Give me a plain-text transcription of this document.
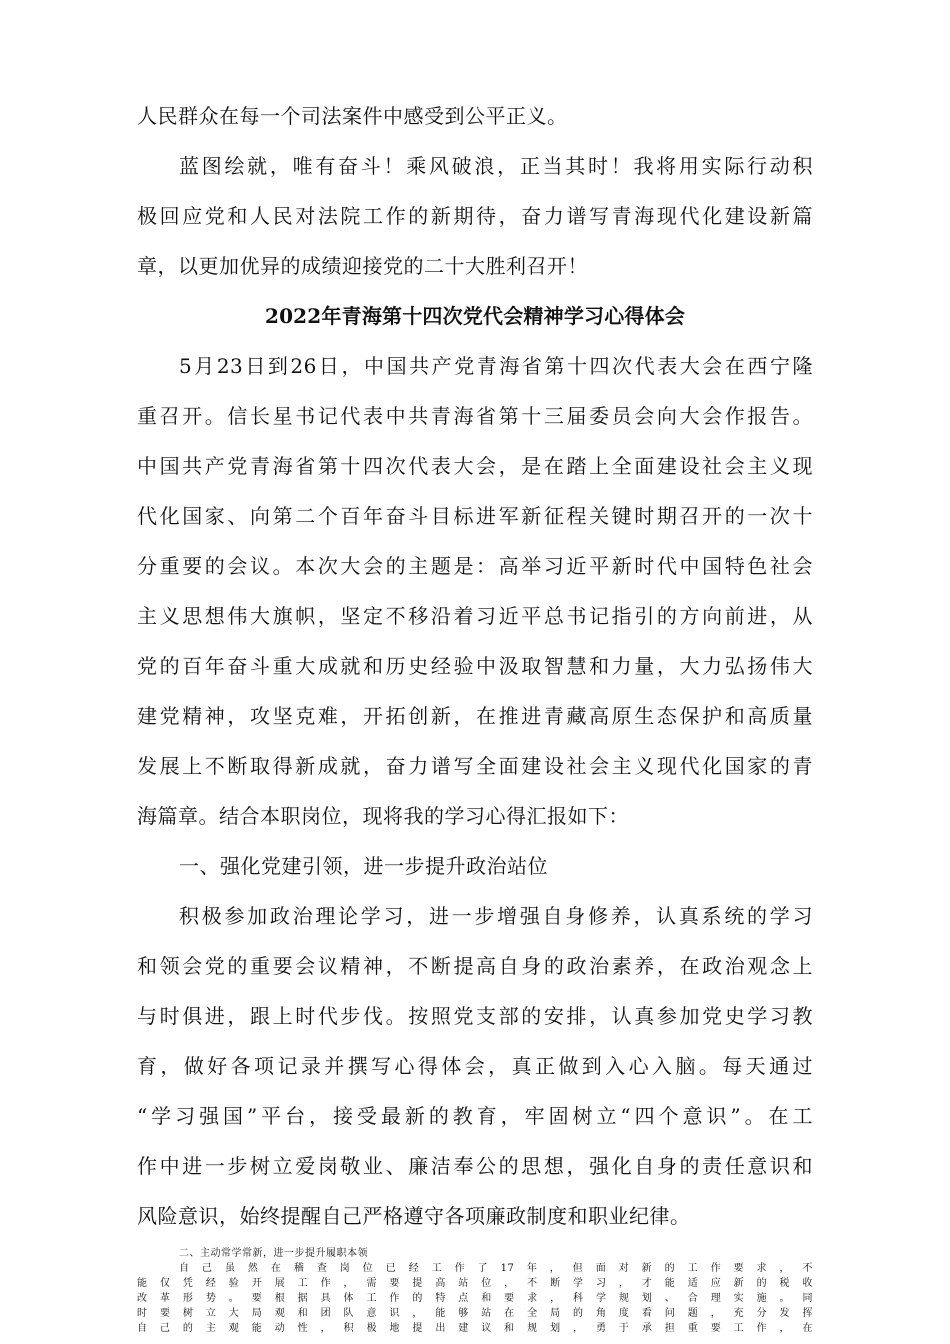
人民群众在每一个司法案件中感受到公平正义。
蓝图绘就，唯有奋斗！乘风破浪，正当其时！我将用实际行动积
极回应党和人民对法院工作的新期待，奋力谱写青海现代化建设新篇
章，以更加优异的成绩迎接党的二十大胜利召开！
2022年青海第十四次党代会精神学习心得体会
5月23日到26日，中国共产党青海省第十四次代表大会在西宁隆
重召开。信长星书记代表中共青海省第十三届委员会向大会作报告。
中国共产党青海省第十四次代表大会，是在踏上全面建设社会主义现
代化国家、向第二个百年奋斗目标进军新征程关键时期召开的一次十
分重要的会议。本次大会的主题是：高举习近平新时代中国特色社会
主义思想伟大旗帜，坚定不移沿着习近平总书记指引的方向前进，从
党的百年奋斗重大成就和历史经验中汲取智慧和力量，大力弘扬伟大
建党精神，攻坚克难，开拓创新，在推进青藏高原生态保护和高质量
发展上不断取得新成就，奋力谱写全面建设社会主义现代化国家的青
海篇章。结合本职岗位，现将我的学习心得汇报如下：
一、强化党建引领，进一步提升政治站位
积极参加政治理论学习，进一步增强自身修养，认真系统的学习
和领会党的重要会议精神，不断提高自身的政治素养，在政治观念上
与时俱进，跟上时代步伐。按照党支部的安排，认真参加党史学习教
育，做好各项记录并撰写心得体会，真正做到入心入脑。每天通过
“学习强国”平台，接受最新的教育，牢固树立“四个意识”。在工
作中进一步树立爱岗敬业、廉洁奉公的思想，强化自身的责任意识和
风险意识，始终提醒自己严格遵守各项廉政制度和职业纪律。
二、主动常学常新，进一步提升履职本领
自己虽然在稽查岗位已经工作了17年，但面对新的工作要求，不
能仅凭经验开展工作，需要提高站位，不断学习，才能适应新的税收
改革形势。要根据具体工作的特点和要求，科学规划、合理实施。同
时要树立大局观和团队意识，能够站在全局的角度看问题，充分发挥
自己的主观能动性，积极地提出建议和规划，勇于承担重要工作，在
